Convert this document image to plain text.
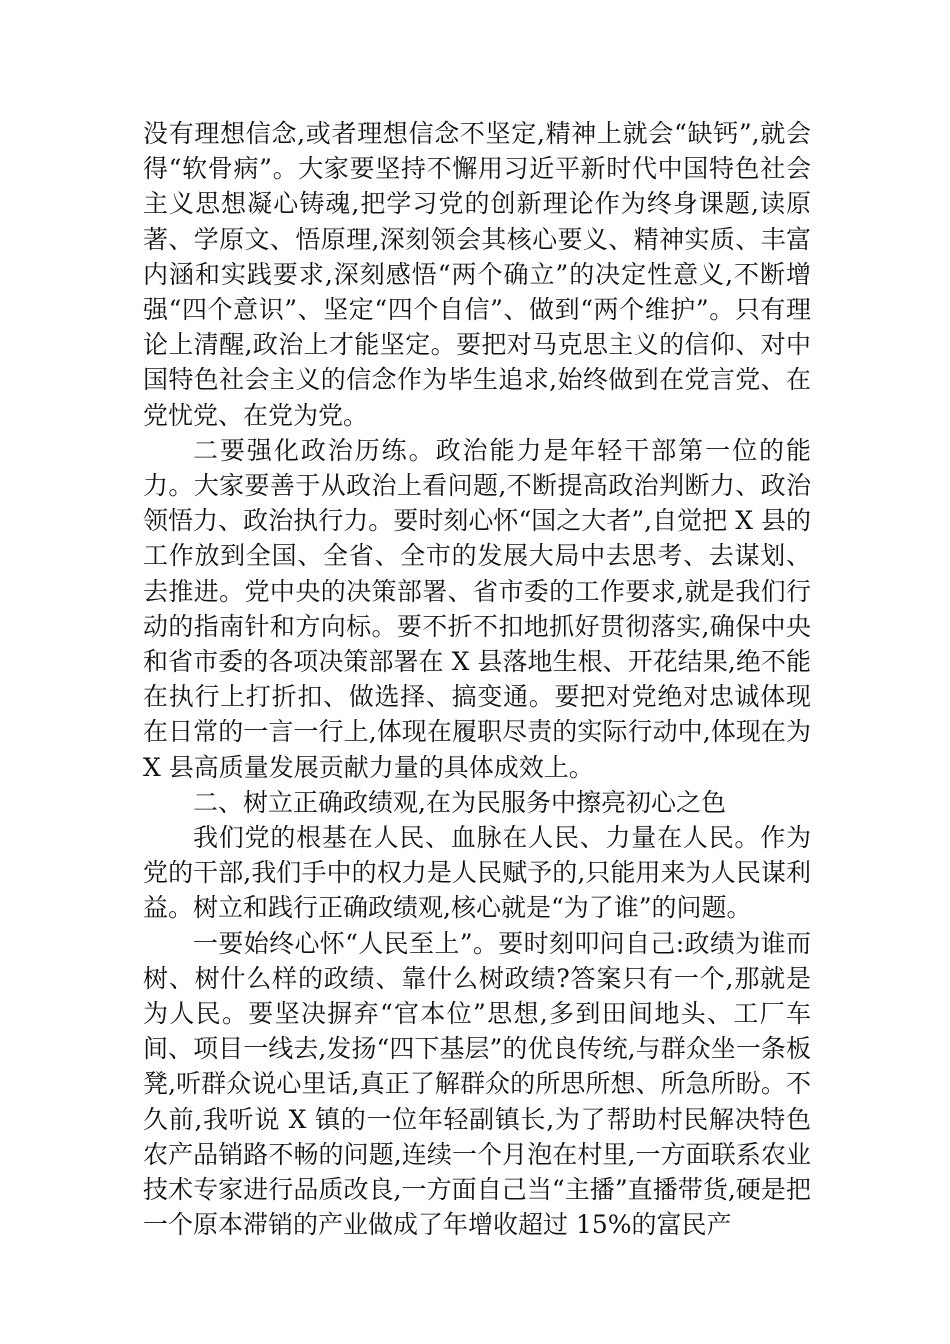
没有理想信念,或者理想信念不坚定,精神上就会“缺钙”,就会得“软骨病”。大家要坚持不懈用习近平新时代中国特色社会主义思想凝心铸魂,把学习党的创新理论作为终身课题,读原著、学原文、悟原理,深刻领会其核心要义、精神实质、丰富内涵和实践要求,深刻感悟“两个确立”的决定性意义,不断增强“四个意识”、坚定“四个自信”、做到“两个维护”。只有理论上清醒,政治上才能坚定。要把对马克思主义的信仰、对中国特色社会主义的信念作为毕生追求,始终做到在党言党、在党忧党、在党为党。

二要强化政治历练。政治能力是年轻干部第一位的能力。大家要善于从政治上看问题,不断提高政治判断力、政治领悟力、政治执行力。要时刻心怀“国之大者”,自觉把 X 县的工作放到全国、全省、全市的发展大局中去思考、去谋划、去推进。党中央的决策部署、省市委的工作要求,就是我们行动的指南针和方向标。要不折不扣地抓好贯彻落实,确保中央和省市委的各项决策部署在 X 县落地生根、开花结果,绝不能在执行上打折扣、做选择、搞变通。要把对党绝对忠诚体现在日常的一言一行上,体现在履职尽责的实际行动中,体现在为 X 县高质量发展贡献力量的具体成效上。

二、树立正确政绩观,在为民服务中擦亮初心之色

我们党的根基在人民、血脉在人民、力量在人民。作为党的干部,我们手中的权力是人民赋予的,只能用来为人民谋利益。树立和践行正确政绩观,核心就是“为了谁”的问题。

一要始终心怀“人民至上”。要时刻叩问自己:政绩为谁而树、树什么样的政绩、靠什么树政绩?答案只有一个,那就是为人民。要坚决摒弃“官本位”思想,多到田间地头、工厂车间、项目一线去,发扬“四下基层”的优良传统,与群众坐一条板凳,听群众说心里话,真正了解群众的所思所想、所急所盼。不久前,我听说 X 镇的一位年轻副镇长,为了帮助村民解决特色农产品销路不畅的问题,连续一个月泡在村里,一方面联系农业技术专家进行品质改良,一方面自己当“主播”直播带货,硬是把一个原本滞销的产业做成了年增收超过 15%的富民产
